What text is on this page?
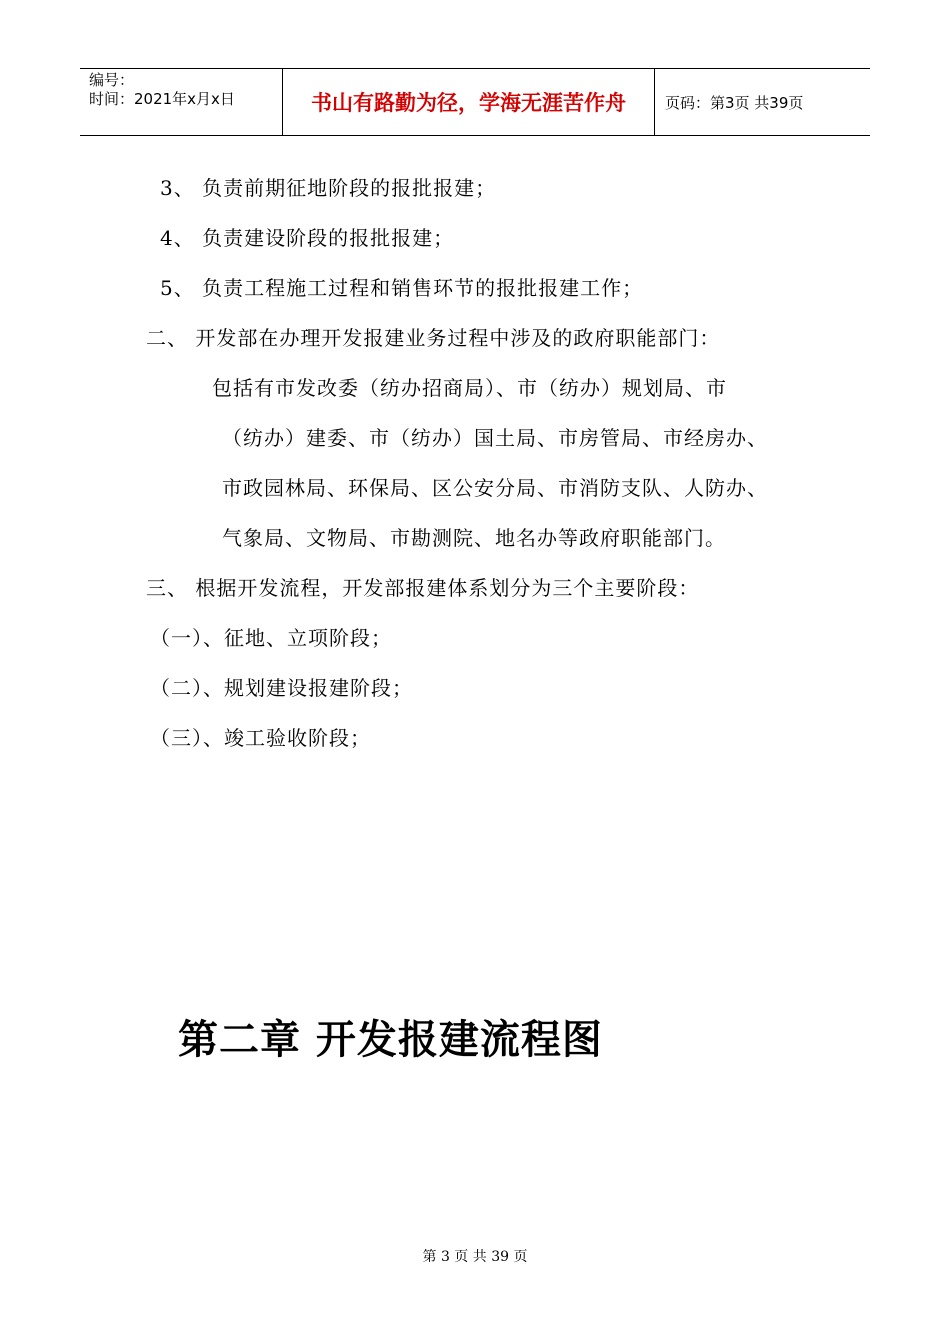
编号：
时间：2021年x月x日	书山有路勤为径，学海无涯苦作舟	页码：第3页 共39页
3、 负责前期征地阶段的报批报建；
4、 负责建设阶段的报批报建；
5、 负责工程施工过程和销售环节的报批报建工作；
二、 开发部在办理开发报建业务过程中涉及的政府职能部门：
包括有市发改委（纺办招商局）、市（纺办）规划局、市
（纺办）建委、市（纺办）国土局、市房管局、市经房办、
市政园林局、环保局、区公安分局、市消防支队、人防办、
气象局、文物局、市勘测院、地名办等政府职能部门。
三、 根据开发流程，开发部报建体系划分为三个主要阶段：
（一）、征地、立项阶段；
（二）、规划建设报建阶段；
（三）、竣工验收阶段；
第二章 开发报建流程图
第 3 页 共 39 页
